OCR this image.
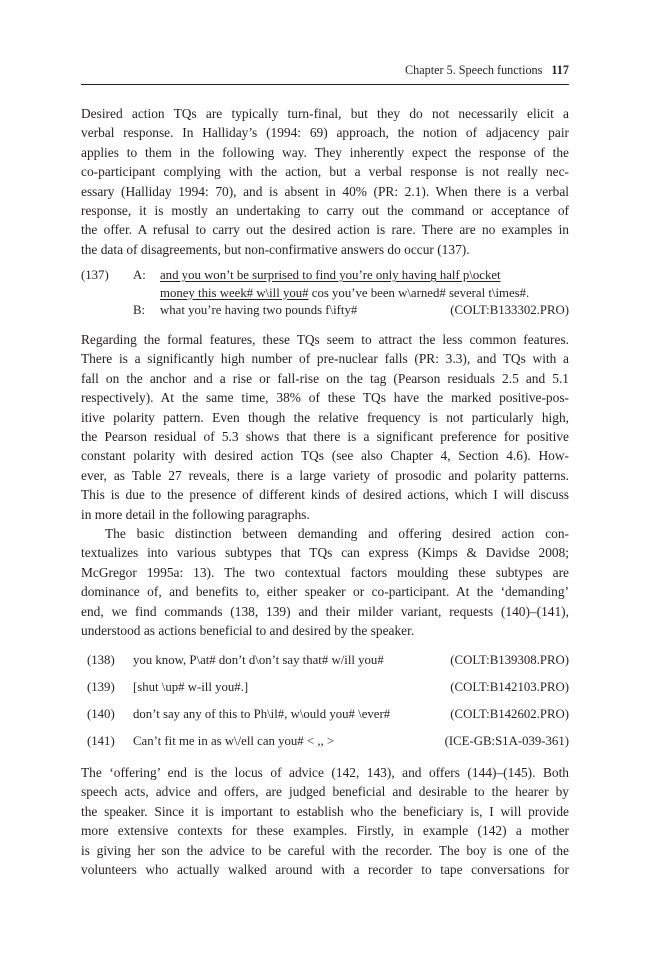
Chapter 5. Speech functions 117
Desired action TQs are typically turn-final, but they do not necessarily elicit a
verbal response. In Halliday’s (1994: 69) approach, the notion of adjacency pair
applies to them in the following way. They inherently expect the response of the
co-participant complying with the action, but a verbal response is not really nec-
essary (Halliday 1994: 70), and is absent in 40% (PR: 2.1). When there is a verbal
response, it is mostly an undertaking to carry out the command or acceptance of
the offer. A refusal to carry out the desired action is rare. There are no examples in
the data of disagreements, but non-confirmative answers do occur (137).
(137) A: and you won’t be surprised to find you’re only having half p\ocket
money this week# w\ill you# cos you’ve been w\arned# several t\imes#.
B: what you’re having two pounds f\ifty#	(COLT:B133302.PRO)
Regarding the formal features, these TQs seem to attract the less common features.
There is a significantly high number of pre-nuclear falls (PR: 3.3), and TQs with a
fall on the anchor and a rise or fall-rise on the tag (Pearson residuals 2.5 and 5.1
respectively). At the same time, 38% of these TQs have the marked positive-pos-
itive polarity pattern. Even though the relative frequency is not particularly high,
the Pearson residual of 5.3 shows that there is a significant preference for positive
constant polarity with desired action TQs (see also Chapter 4, Section 4.6). How-
ever, as Table 27 reveals, there is a large variety of prosodic and polarity patterns.
This is due to the presence of different kinds of desired actions, which I will discuss
in more detail in the following paragraphs.
The basic distinction between demanding and offering desired action con-
textualizes into various subtypes that TQs can express (Kimps & Davidse 2008;
McGregor 1995a: 13). The two contextual factors moulding these subtypes are
dominance of, and benefits to, either speaker or co-participant. At the ‘demanding’
end, we find commands (138, 139) and their milder variant, requests (140)–(141),
understood as actions beneficial to and desired by the speaker.
(138) you know, P\at# don’t d\on’t say that# w/ill you#	(COLT:B139308.PRO)
(139) [shut \up# w-ill you#.]	(COLT:B142103.PRO)
(140) don’t say any of this to Ph\il#, w\ould you# \ever#	(COLT:B142602.PRO)
(141) Can’t fit me in as w\/ell can you# < ,, >	(ICE-GB:S1A-039-361)
The ‘offering’ end is the locus of advice (142, 143), and offers (144)–(145). Both
speech acts, advice and offers, are judged beneficial and desirable to the hearer by
the speaker. Since it is important to establish who the beneficiary is, I will provide
more extensive contexts for these examples. Firstly, in example (142) a mother
is giving her son the advice to be careful with the recorder. The boy is one of the
volunteers who actually walked around with a recorder to tape conversations for
